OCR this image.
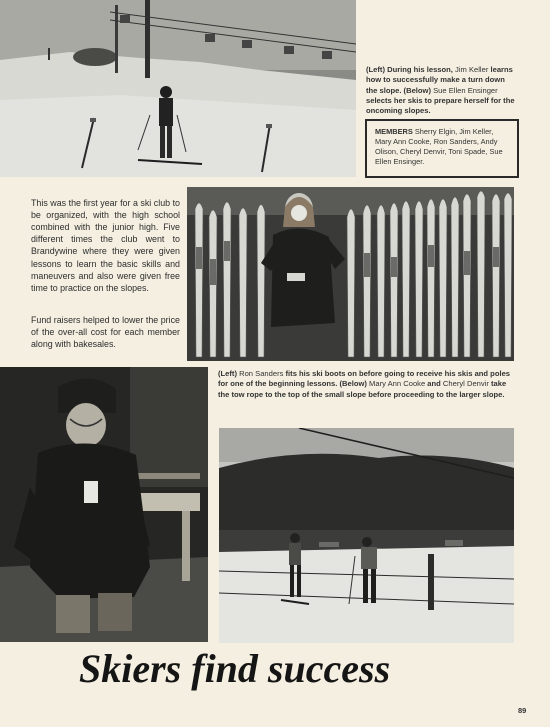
(Left) During his lesson, Jim Keller learns how to successfully make a turn down the slope. (Below) Sue Ellen Ensinger selects her skis to prepare herself for the oncoming slopes.
MEMBERS Sherry Elgin, Jim Keller, Mary Ann Cooke, Ron Sanders, Andy Olison, Cheryl Denvir, Toni Spade, Sue Ellen Ensinger.
This was the first year for a ski club to be organized, with the high school combined with the junior high. Five different times the club went to Brandywine where they were given lessons to learn the basic skills and maneuvers and also were given free time to practice on the slopes.
Fund raisers helped to lower the price of the over-all cost for each member along with bakesales.
(Left) Ron Sanders fits his ski boots on before going to receive his skis and poles for one of the beginning lessons. (Below) Mary Ann Cooke and Cheryl Denvir take the tow rope to the top of the small slope before proceeding to the larger slope.
Skiers find success
89
